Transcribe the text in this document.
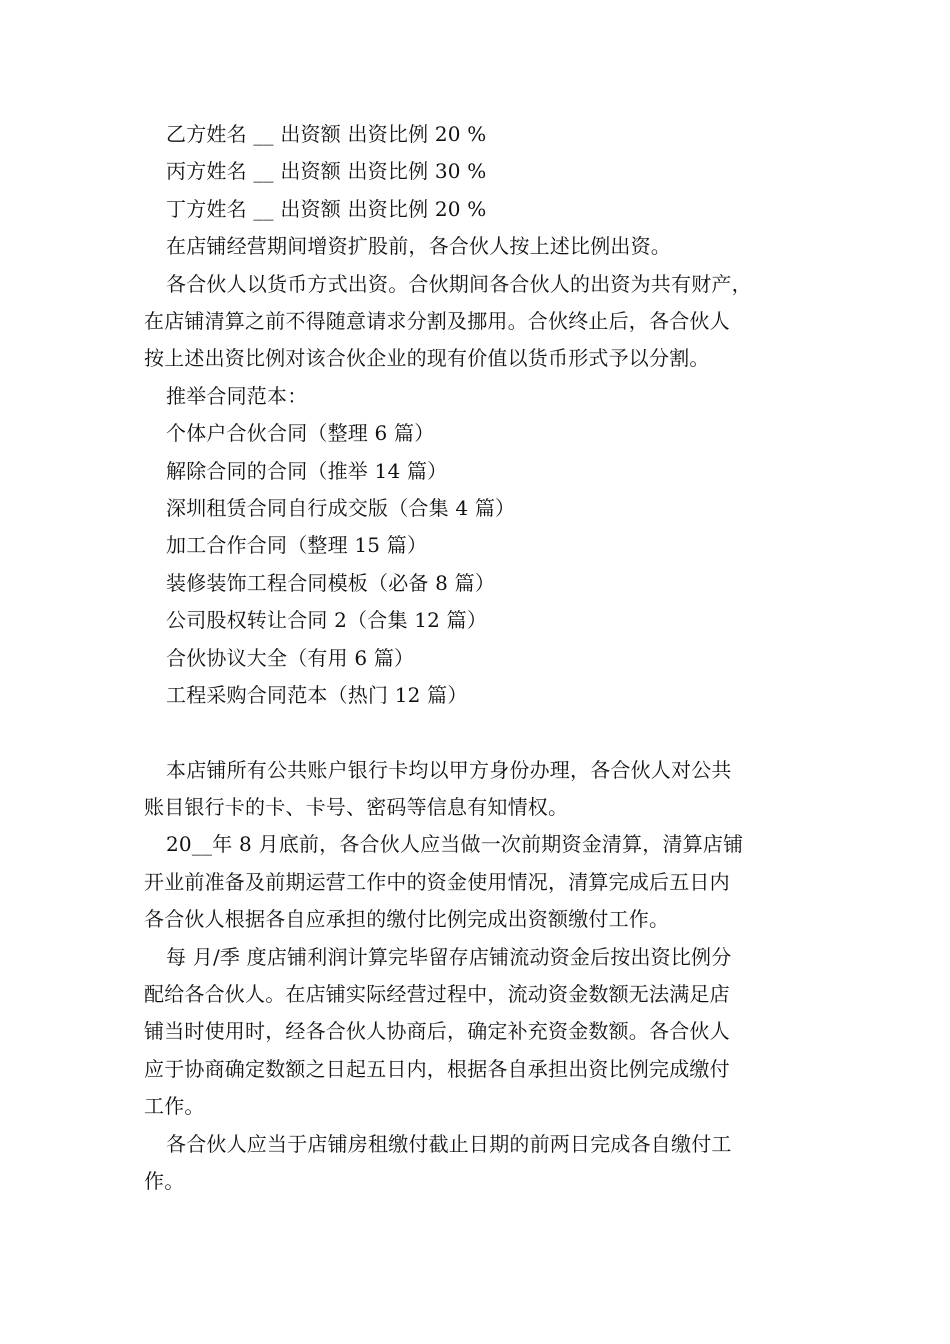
乙方姓名 __ 出资额 出资比例 20 %
丙方姓名 __ 出资额 出资比例 30 %
丁方姓名 __ 出资额 出资比例 20 %
在店铺经营期间增资扩股前，各合伙人按上述比例出资。
各合伙人以货币方式出资。合伙期间各合伙人的出资为共有财产，
在店铺清算之前不得随意请求分割及挪用。合伙终止后，各合伙人
按上述出资比例对该合伙企业的现有价值以货币形式予以分割。
推举合同范本：
个体户合伙合同（整理 6 篇）
解除合同的合同（推举 14 篇）
深圳租赁合同自行成交版（合集 4 篇）
加工合作合同（整理 15 篇）
装修装饰工程合同模板（必备 8 篇）
公司股权转让合同 2（合集 12 篇）
合伙协议大全（有用 6 篇）
工程采购合同范本（热门 12 篇）
本店铺所有公共账户银行卡均以甲方身份办理，各合伙人对公共
账目银行卡的卡、卡号、密码等信息有知情权。
20__年 8 月底前，各合伙人应当做一次前期资金清算，清算店铺
开业前准备及前期运营工作中的资金使用情况，清算完成后五日内
各合伙人根据各自应承担的缴付比例完成出资额缴付工作。
每 月/季 度店铺利润计算完毕留存店铺流动资金后按出资比例分
配给各合伙人。在店铺实际经营过程中，流动资金数额无法满足店
铺当时使用时，经各合伙人协商后，确定补充资金数额。各合伙人
应于协商确定数额之日起五日内，根据各自承担出资比例完成缴付
工作。
各合伙人应当于店铺房租缴付截止日期的前两日完成各自缴付工
作。
